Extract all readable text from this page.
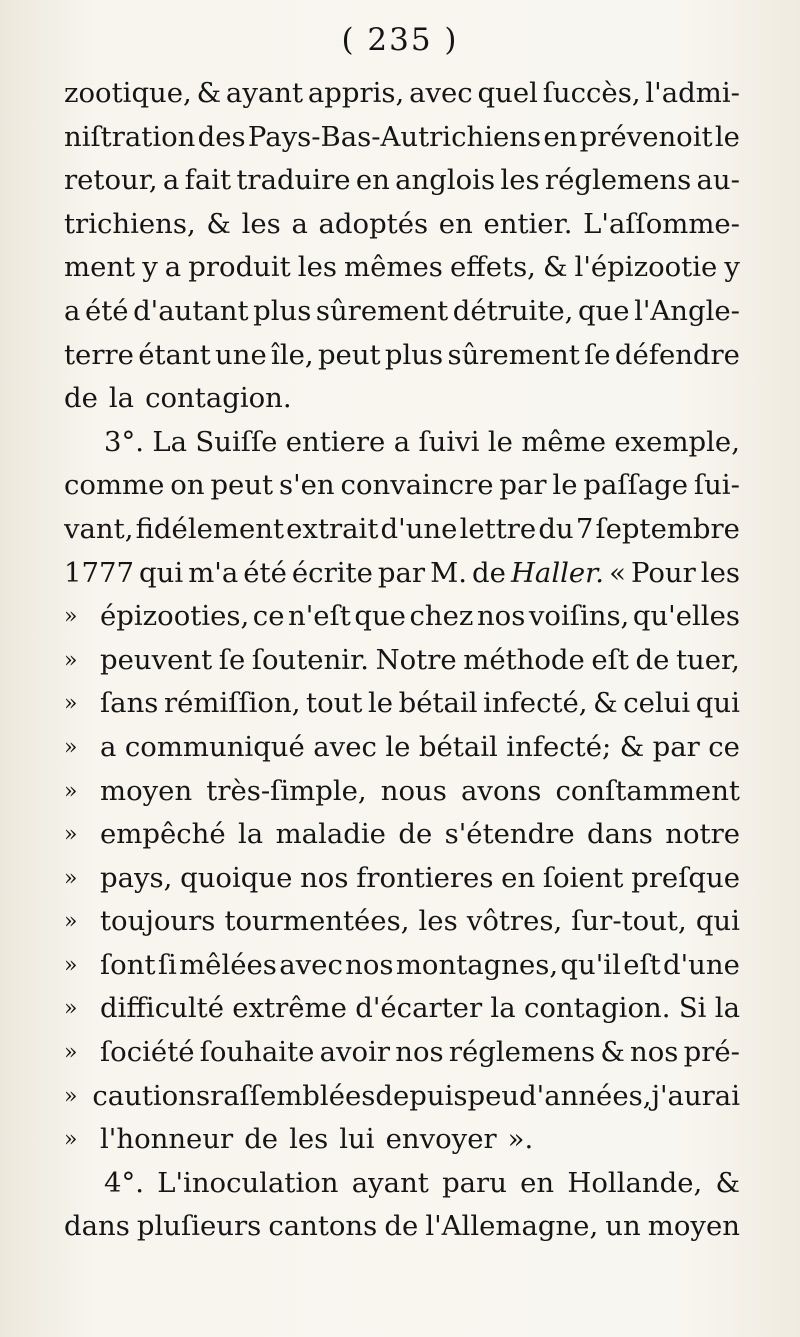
( 235 )
zootique, & ayant appris, avec quel ſuccès, l'admi-
niſtration des Pays-Bas-Autrichiens en prévenoit le
retour, a fait traduire en anglois les réglemens au-
trichiens, & les a adoptés en entier. L'aſſomme-
ment y a produit les mêmes effets, & l'épizootie y
a été d'autant plus sûrement détruite, que l'Angle-
terre étant une île, peut plus sûrement ſe défendre
de la contagion.
3°. La Suiſſe entiere a ſuivi le même exemple,
comme on peut s'en convaincre par le paſſage ſui-
vant, fidélement extrait d'une lettre du 7 ſeptembre
1777 qui m'a été écrite par M. de Haller. « Pour les
» épizooties, ce n'eſt que chez nos voiſins, qu'elles
» peuvent ſe ſoutenir. Notre méthode eſt de tuer,
» ſans rémiſſion, tout le bétail infecté, & celui qui
» a communiqué avec le bétail infecté; & par ce
» moyen très-ſimple, nous avons conſtamment
» empêché la maladie de s'étendre dans notre
» pays, quoique nos frontieres en ſoient preſque
» toujours tourmentées, les vôtres, ſur-tout, qui
» ſont ſi mêlées avec nos montagnes, qu'il eſt d'une
» difficulté extrême d'écarter la contagion. Si la
» ſociété ſouhaite avoir nos réglemens & nos pré-
» cautions raſſemblées depuis peu d'années, j'aurai
» l'honneur de les lui envoyer ».
4°. L'inoculation ayant paru en Hollande, &
dans pluſieurs cantons de l'Allemagne, un moyen
